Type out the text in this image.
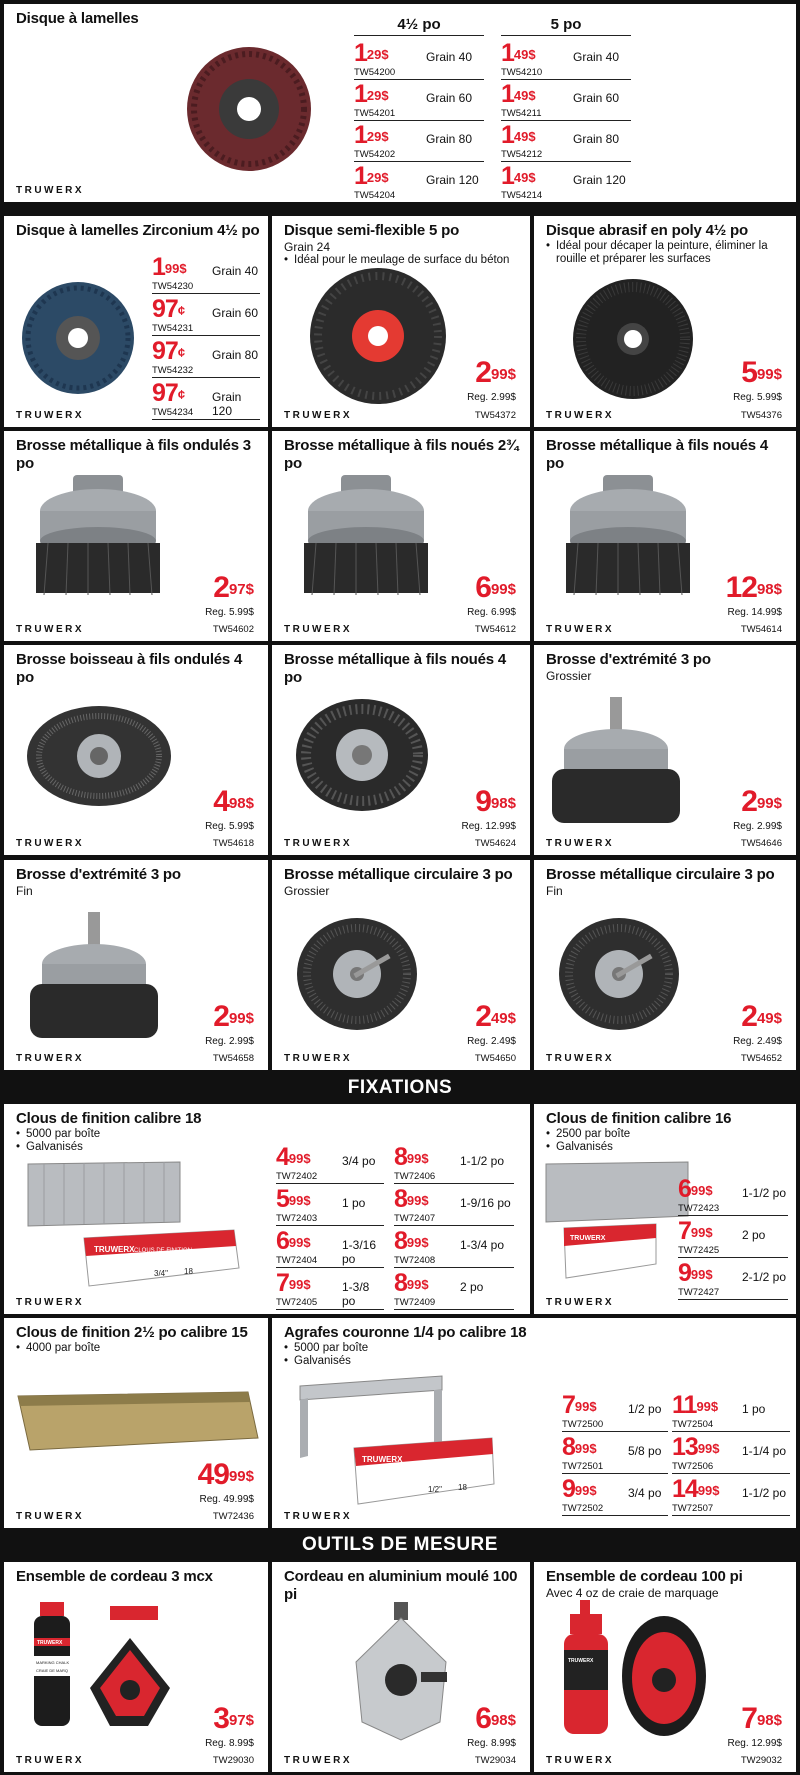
Disque à lamelles
TRUWERX
4½ po	5 po
$1^{29\$}$
TW54200
Grain 40
$1^{29\$}$
TW54201
Grain 60
$1^{29\$}$
TW54202
Grain 80
$1^{29\$}$
TW54204
Grain 120
$1^{49\$}$
TW54210
Grain 40
$1^{49\$}$
TW54211
Grain 60
$1^{49\$}$
TW54212
Grain 80
$1^{49\$}$
TW54214
Grain 120
Disque à lamelles Zirconium 4½ po
TRUWERX
$1^{99\$}$
TW54230
Grain 40
97¢
TW54231
Grain 60
97¢
TW54232
Grain 80
97¢
TW54234
Grain 120
Disque semi-flexible 5 po
Grain 24
• Idéal pour le meulage de surface du béton
$2^{99\$}$
Reg. 2.99$
TW54372
TRUWERX
Disque abrasif en poly 4½ po
• Idéal pour décaper la peinture, éliminer la rouille et préparer les surfaces
$5^{99\$}$
Reg. 5.99$
TW54376
TRUWERX
Brosse métallique à fils ondulés 3 po
$2^{97\$}$
Reg. 5.99$
TW54602
TRUWERX
Brosse métallique à fils noués 2¾ po
$6^{99\$}$
Reg. 6.99$
TW54612
TRUWERX
Brosse métallique à fils noués 4 po
$12^{98\$}$
Reg. 14.99$
TW54614
TRUWERX
Brosse boisseau à fils ondulés 4 po
$4^{98\$}$
Reg. 5.99$
TW54618
TRUWERX
Brosse métallique à fils noués 4 po
$9^{98\$}$
Reg. 12.99$
TW54624
TRUWERX
Brosse d'extrémité 3 po
Grossier
$2^{99\$}$
Reg. 2.99$
TW54646
TRUWERX
Brosse d'extrémité 3 po
Fin
$2^{99\$}$
Reg. 2.99$
TW54658
TRUWERX
Brosse métallique circulaire 3 po
Grossier
$2^{49\$}$
Reg. 2.49$
TW54650
TRUWERX
Brosse métallique circulaire 3 po
Fin
$2^{49\$}$
Reg. 2.49$
TW54652
TRUWERX
FIXATIONS
Clous de finition calibre 18
• 5000 par boîte
• Galvanisés
TRUWERX CLOUS DE FINITION
3/4" 18
TRUWERX
$4^{99\$}$
TW72402
3/4 po
$5^{99\$}$
TW72403
1 po
$6^{99\$}$
TW72404
1-3/16 po
$7^{99\$}$
TW72405
1-3/8 po
$8^{99\$}$
TW72406
1-1/2 po
$8^{99\$}$
TW72407
1-9/16 po
$8^{99\$}$
TW72408
1-3/4 po
$8^{99\$}$
TW72409
2 po
Clous de finition calibre 16
• 2500 par boîte
• Galvanisés
TRUWERX
TRUWERX
$6^{99\$}$
TW72423
1-1/2 po
$7^{99\$}$
TW72425
2 po
$9^{99\$}$
TW72427
2-1/2 po
Clous de finition 2½ po calibre 15
• 4000 par boîte
$49^{99\$}$
Reg. 49.99$
TW72436
TRUWERX
Agrafes couronne 1/4 po calibre 18
• 5000 par boîte
• Galvanisés
TRUWERX
1/2" 18
TRUWERX
$7^{99\$}$
TW72500
1/2 po
$8^{99\$}$
TW72501
5/8 po
$9^{99\$}$
TW72502
3/4 po
$11^{99\$}$
TW72504
1 po
$13^{99\$}$
TW72506
1-1/4 po
$14^{99\$}$
TW72507
1-1/2 po
OUTILS DE MESURE
Ensemble de cordeau 3 mcx
TRUWERX
MARKING CHALK
CRAIE DE MARQ
$3^{97\$}$
Reg. 8.99$
TW29030
TRUWERX
Cordeau en aluminium moulé 100 pi
$6^{98\$}$
Reg. 8.99$
TW29034
TRUWERX
Ensemble de cordeau 100 pi
Avec 4 oz de craie de marquage
TRUWERX
$7^{98\$}$
Reg. 12.99$
TW29032
TRUWERX
